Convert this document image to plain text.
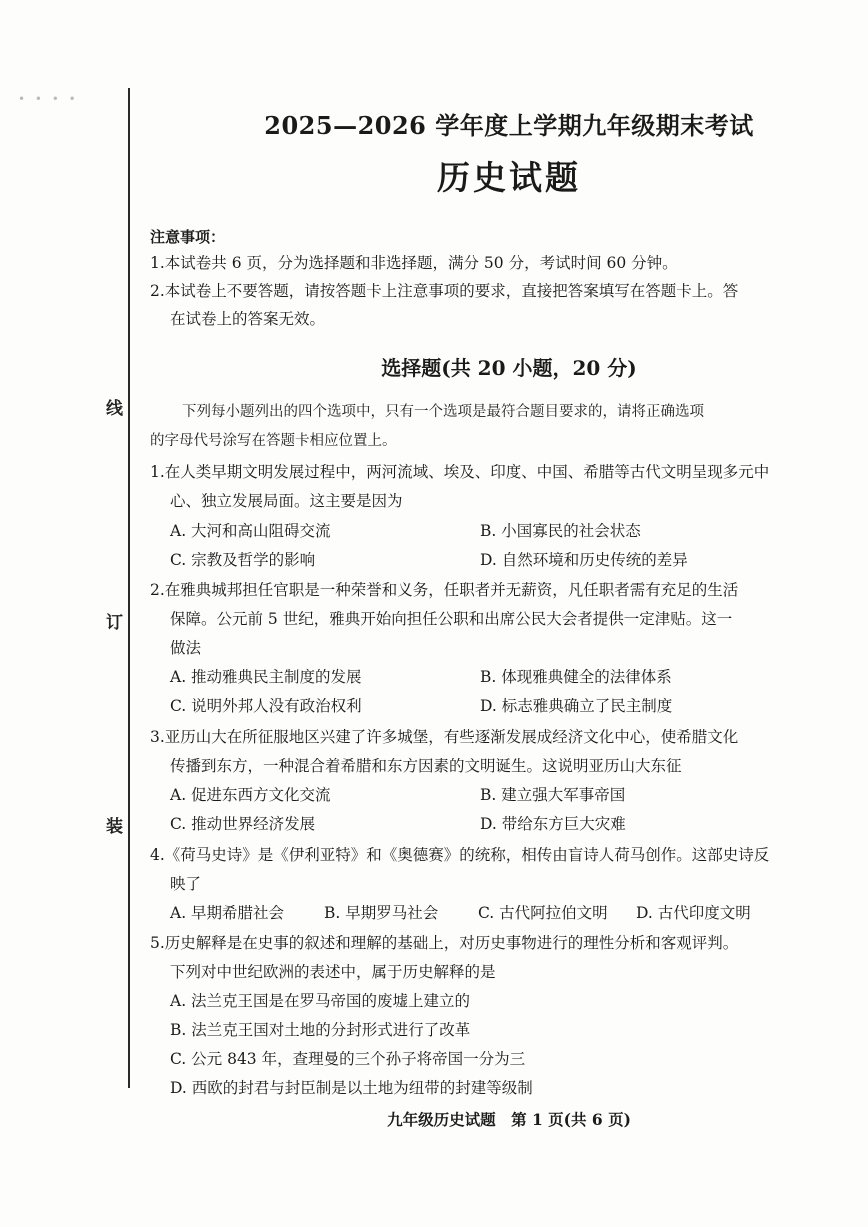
• • • •
线
订
装
2025—2026 学年度上学期九年级期末考试
历史试题
注意事项：
1.本试卷共 6 页，分为选择题和非选择题，满分 50 分，考试时间 60 分钟。
2.本试卷上不要答题，请按答题卡上注意事项的要求，直接把答案填写在答题卡上。答
在试卷上的答案无效。
选择题(共 20 小题，20 分)
下列每小题列出的四个选项中，只有一个选项是最符合题目要求的，请将正确选项
的字母代号涂写在答题卡相应位置上。
1.在人类早期文明发展过程中，两河流域、埃及、印度、中国、希腊等古代文明呈现多元中
心、独立发展局面。这主要是因为
A. 大河和高山阻碍交流	B. 小国寡民的社会状态
C. 宗教及哲学的影响	D. 自然环境和历史传统的差异
2.在雅典城邦担任官职是一种荣誉和义务，任职者并无薪资，凡任职者需有充足的生活
保障。公元前 5 世纪，雅典开始向担任公职和出席公民大会者提供一定津贴。这一
做法
A. 推动雅典民主制度的发展	B. 体现雅典健全的法律体系
C. 说明外邦人没有政治权利	D. 标志雅典确立了民主制度
3.亚历山大在所征服地区兴建了许多城堡，有些逐渐发展成经济文化中心，使希腊文化
传播到东方，一种混合着希腊和东方因素的文明诞生。这说明亚历山大东征
A. 促进东西方文化交流	B. 建立强大军事帝国
C. 推动世界经济发展	D. 带给东方巨大灾难
4.《荷马史诗》是《伊利亚特》和《奥德赛》的统称，相传由盲诗人荷马创作。这部史诗反
映了
A. 早期希腊社会	B. 早期罗马社会	C. 古代阿拉伯文明 D. 古代印度文明
5.历史解释是在史事的叙述和理解的基础上，对历史事物进行的理性分析和客观评判。
下列对中世纪欧洲的表述中，属于历史解释的是
A. 法兰克王国是在罗马帝国的废墟上建立的
B. 法兰克王国对土地的分封形式进行了改革
C. 公元 843 年，查理曼的三个孙子将帝国一分为三
D. 西欧的封君与封臣制是以土地为纽带的封建等级制
九年级历史试题　第 1 页(共 6 页)
